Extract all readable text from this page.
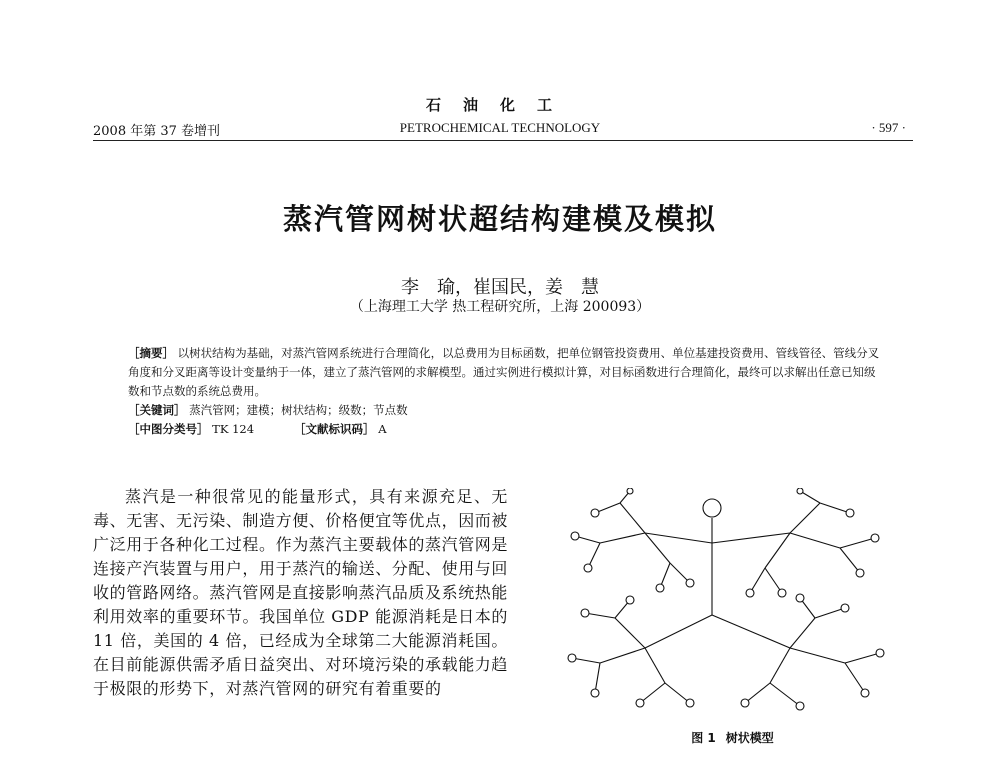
石油化工
2008 年第 37 卷增刊	PETROCHEMICAL TECHNOLOGY	· 597 ·
蒸汽管网树状超结构建模及模拟
李　瑜，崔国民，姜　慧
（上海理工大学 热工程研究所，上海 200093）

［摘要］ 以树状结构为基础，对蒸汽管网系统进行合理简化，以总费用为目标函数，把单位钢管投资费用、单位基建投资费用、管线管径、管线分叉角度和分叉距离等设计变量纳于一体，建立了蒸汽管网的求解模型。通过实例进行模拟计算，对目标函数进行合理简化，最终可以求解出任意已知级数和节点数的系统总费用。

［关键词］ 蒸汽管网；建模；树状结构；级数；节点数

［中图分类号］ TK 124	［文献标识码］ A

蒸汽是一种很常见的能量形式，具有来源充足、无毒、无害、无污染、制造方便、价格便宜等优点，因而被广泛用于各种化工过程。作为蒸汽主要载体的蒸汽管网是连接产汽装置与用户，用于蒸汽的输送、分配、使用与回收的管路网络。蒸汽管网是直接影响蒸汽品质及系统热能利用效率的重要环节。我国单位 GDP 能源消耗是日本的 11 倍，美国的 4 倍，已经成为全球第二大能源消耗国。在目前能源供需矛盾日益突出、对环境污染的承载能力趋于极限的形势下，对蒸汽管网的研究有着重要的

图 1 树状模型
